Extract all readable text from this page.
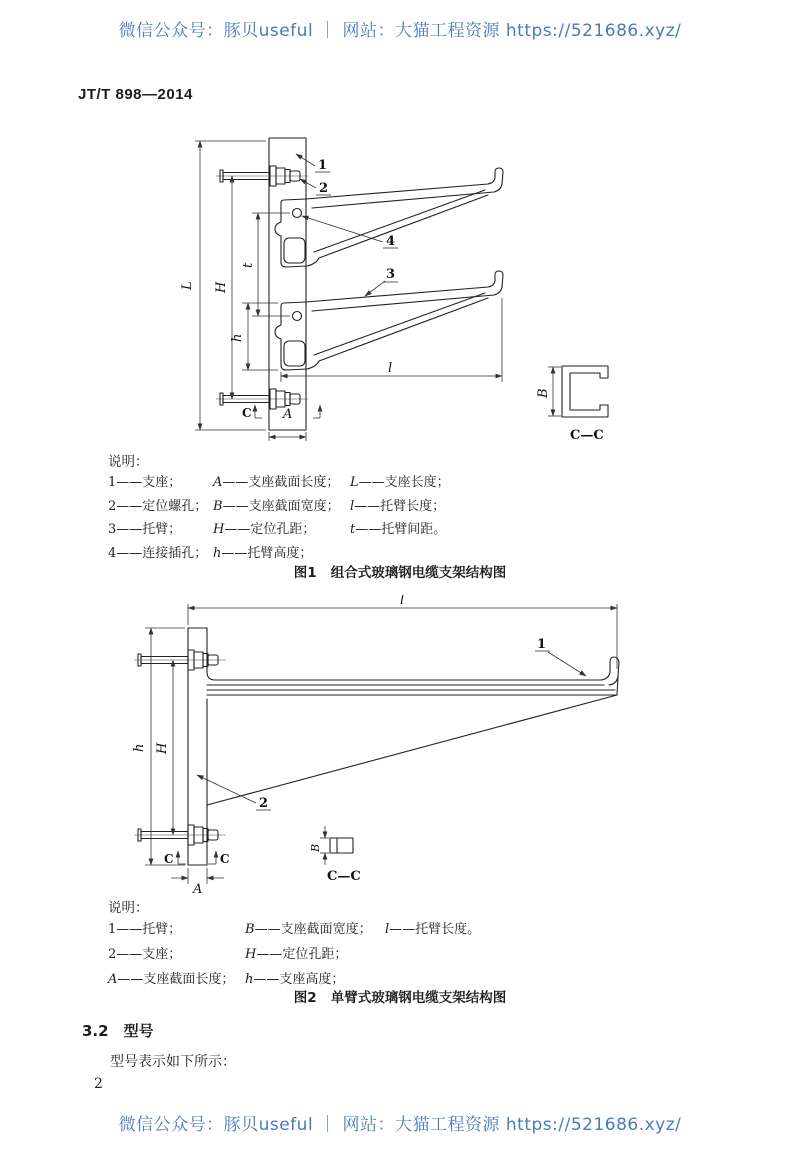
微信公众号：豚贝useful ｜ 网站：大猫工程资源 https://521686.xyz/
JT/T 898—2014
L H
t
h
l
C A
B
C—C
1
2
4
3
说明：
1——支座；	A——支座截面长度； L——支座长度；
2——定位螺孔； B——支座截面宽度； l——托臂长度；
3——托臂；	H——定位孔距；	t——托臂间距。
4——连接插孔； h——托臂高度；
图1 组合式玻璃钢电缆支架结构图
l
h H
C	C
A
1
2
B
C—C
说明：
1——托臂；	B——支座截面宽度；	l——托臂长度。
2——支座；	H——定位孔距；
A——支座截面长度； h——支座高度；
图2 单臂式玻璃钢电缆支架结构图
3.2 型号
型号表示如下所示：
2
微信公众号：豚贝useful ｜ 网站：大猫工程资源 https://521686.xyz/
